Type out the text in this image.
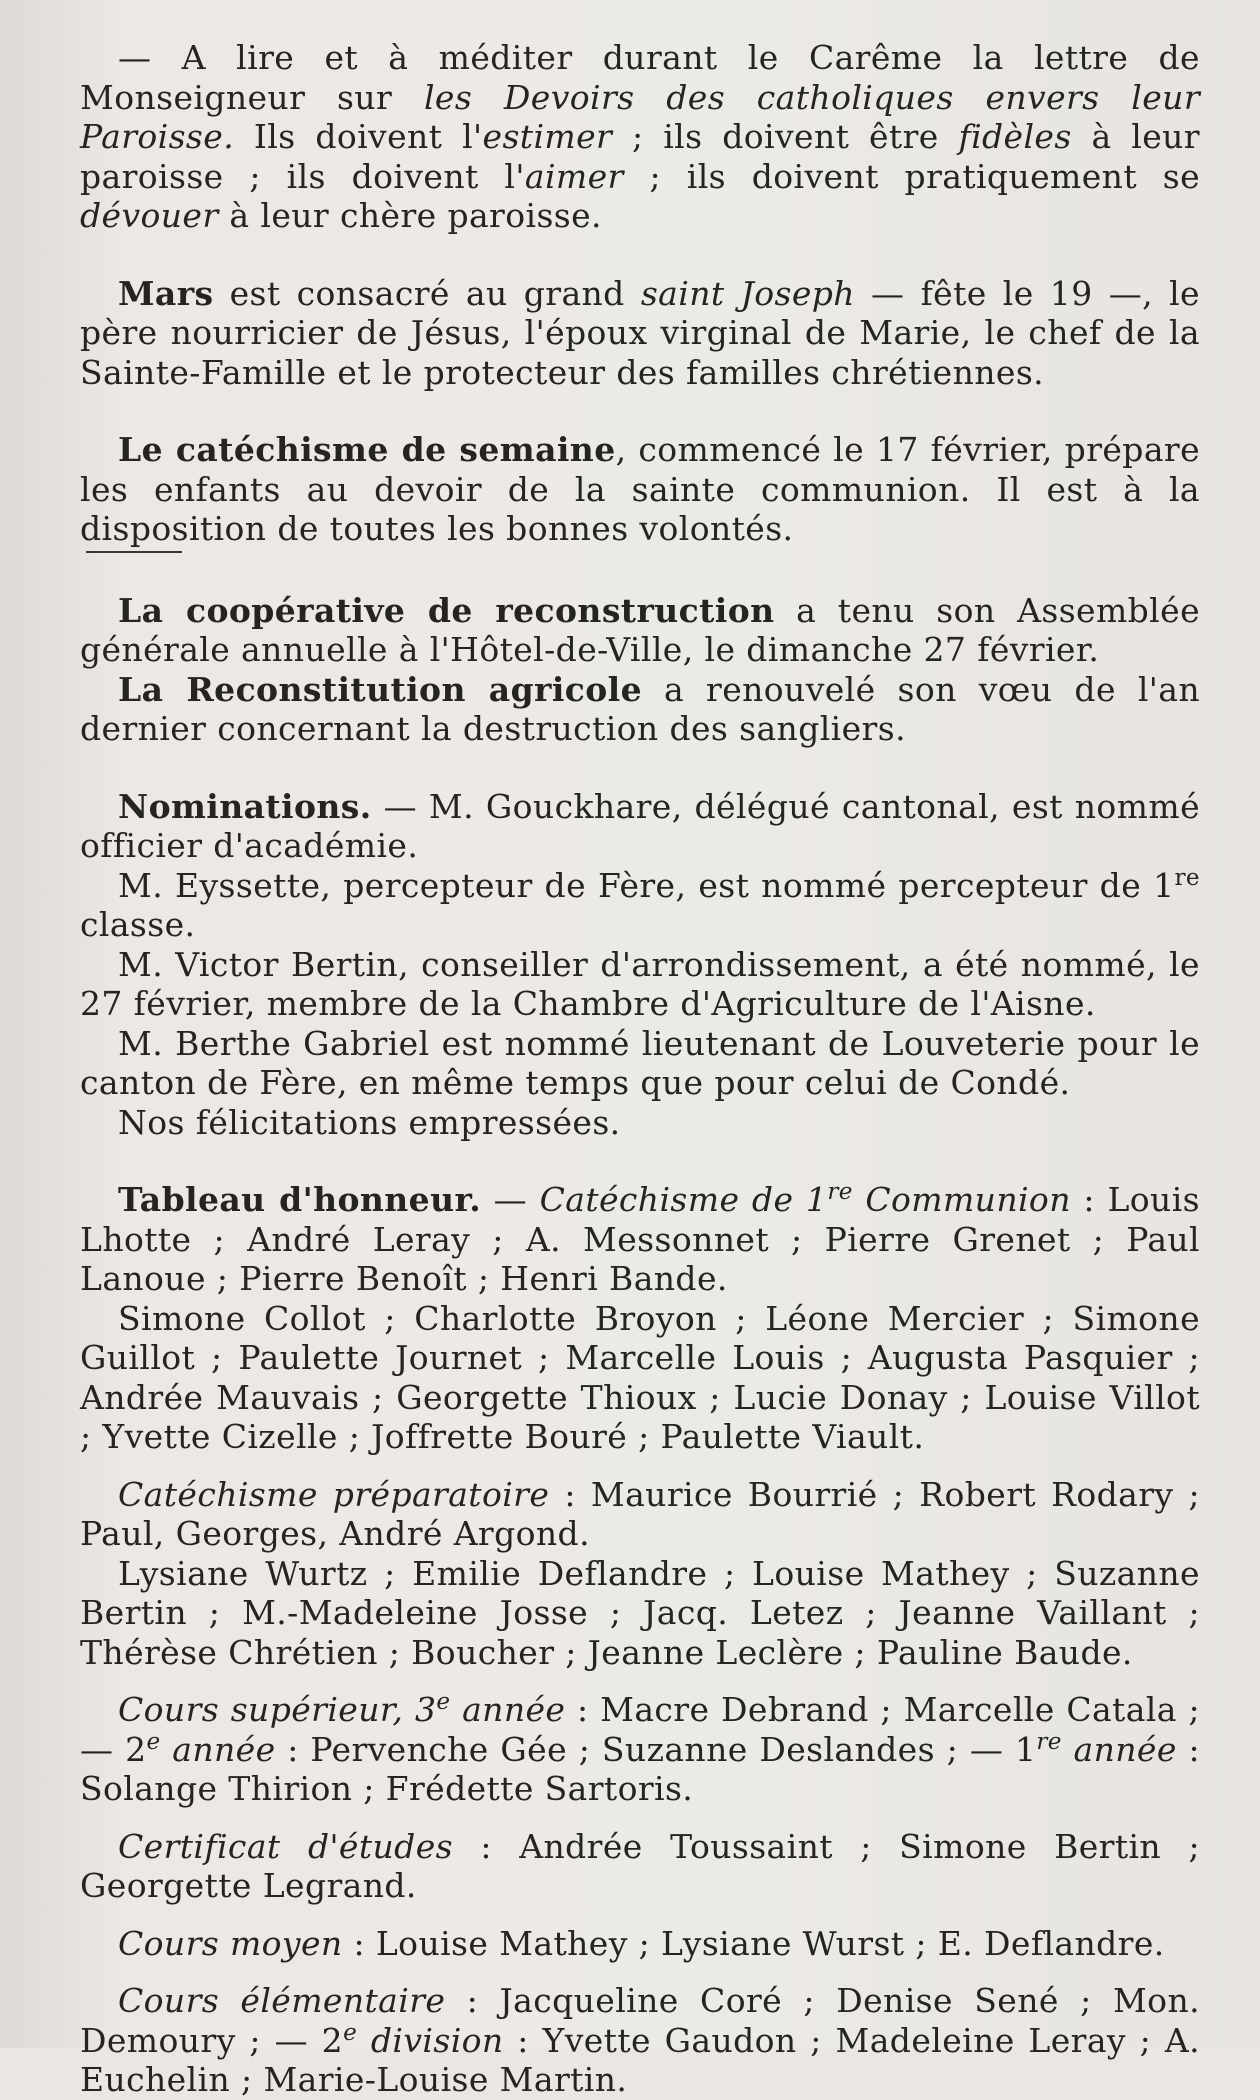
— A lire et à méditer durant le Carême la lettre de Monseigneur sur les Devoirs des catholiques envers leur Paroisse. Ils doivent l'estimer ; ils doivent être fidèles à leur paroisse ; ils doivent l'aimer ; ils doivent pratiquement se dévouer à leur chère paroisse.

Mars est consacré au grand saint Joseph — fête le 19 —, le père nourricier de Jésus, l'époux virginal de Marie, le chef de la Sainte-Famille et le protecteur des familles chrétiennes.

Le catéchisme de semaine, commencé le 17 février, prépare les enfants au devoir de la sainte communion. Il est à la disposition de toutes les bonnes volontés.

La coopérative de reconstruction a tenu son Assemblée générale annuelle à l'Hôtel-de-Ville, le dimanche 27 février.

La Reconstitution agricole a renouvelé son vœu de l'an dernier concernant la destruction des sangliers.

Nominations. — M. Gouckhare, délégué cantonal, est nommé officier d'académie.

M. Eyssette, percepteur de Fère, est nommé percepteur de 1re classe.

M. Victor Bertin, conseiller d'arrondissement, a été nommé, le 27 février, membre de la Chambre d'Agriculture de l'Aisne.

M. Berthe Gabriel est nommé lieutenant de Louveterie pour le canton de Fère, en même temps que pour celui de Condé.

Nos félicitations empressées.

Tableau d'honneur. — Catéchisme de 1re Communion : Louis Lhotte ; André Leray ; A. Messonnet ; Pierre Grenet ; Paul Lanoue ; Pierre Benoît ; Henri Bande.

Simone Collot ; Charlotte Broyon ; Léone Mercier ; Simone Guillot ; Paulette Journet ; Marcelle Louis ; Augusta Pasquier ; Andrée Mauvais ; Georgette Thioux ; Lucie Donay ; Louise Villot ; Yvette Cizelle ; Joffrette Bouré ; Paulette Viault.

Catéchisme préparatoire : Maurice Bourrié ; Robert Rodary ; Paul, Georges, André Argond.

Lysiane Wurtz ; Emilie Deflandre ; Louise Mathey ; Suzanne Bertin ; M.-Madeleine Josse ; Jacq. Letez ; Jeanne Vaillant ; Thérèse Chrétien ; Boucher ; Jeanne Leclère ; Pauline Baude.

Cours supérieur, 3e année : Macre Debrand ; Marcelle Catala ; — 2e année : Pervenche Gée ; Suzanne Deslandes ; — 1re année : Solange Thirion ; Frédette Sartoris.

Certificat d'études : Andrée Toussaint ; Simone Bertin ; Georgette Legrand.

Cours moyen : Louise Mathey ; Lysiane Wurst ; E. Deflandre.

Cours élémentaire : Jacqueline Coré ; Denise Sené ; Mon. Demoury ; — 2e division : Yvette Gaudon ; Madeleine Leray ; A. Euchelin ; Marie-Louise Martin.
